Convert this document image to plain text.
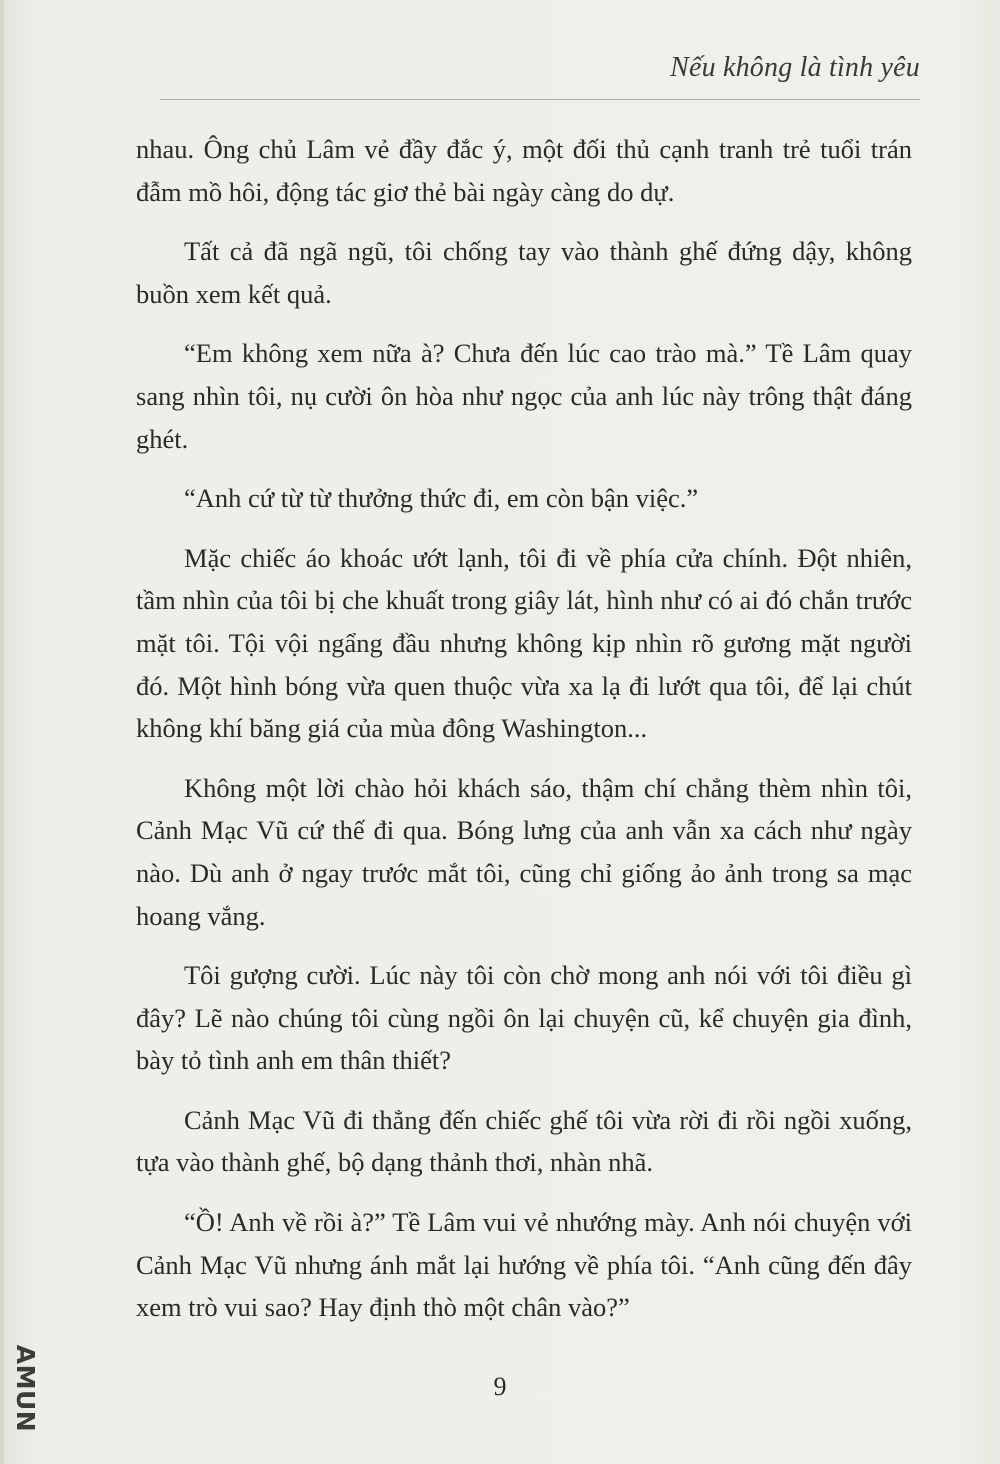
Nếu không là tình yêu

nhau. Ông chủ Lâm vẻ đầy đắc ý, một đối thủ cạnh tranh trẻ tuổi trán đẫm mồ hôi, động tác giơ thẻ bài ngày càng do dự.

Tất cả đã ngã ngũ, tôi chống tay vào thành ghế đứng dậy, không buồn xem kết quả.

“Em không xem nữa à? Chưa đến lúc cao trào mà.” Tề Lâm quay sang nhìn tôi, nụ cười ôn hòa như ngọc của anh lúc này trông thật đáng ghét.

“Anh cứ từ từ thưởng thức đi, em còn bận việc.”

Mặc chiếc áo khoác ướt lạnh, tôi đi về phía cửa chính. Đột nhiên, tầm nhìn của tôi bị che khuất trong giây lát, hình như có ai đó chắn trước mặt tôi. Tội vội ngẩng đầu nhưng không kịp nhìn rõ gương mặt người đó. Một hình bóng vừa quen thuộc vừa xa lạ đi lướt qua tôi, để lại chút không khí băng giá của mùa đông Washington...

Không một lời chào hỏi khách sáo, thậm chí chẳng thèm nhìn tôi, Cảnh Mạc Vũ cứ thế đi qua. Bóng lưng của anh vẫn xa cách như ngày nào. Dù anh ở ngay trước mắt tôi, cũng chỉ giống ảo ảnh trong sa mạc hoang vắng.

Tôi gượng cười. Lúc này tôi còn chờ mong anh nói với tôi điều gì đây? Lẽ nào chúng tôi cùng ngồi ôn lại chuyện cũ, kể chuyện gia đình, bày tỏ tình anh em thân thiết?

Cảnh Mạc Vũ đi thẳng đến chiếc ghế tôi vừa rời đi rồi ngồi xuống, tựa vào thành ghế, bộ dạng thảnh thơi, nhàn nhã.

“Ồ! Anh về rồi à?” Tề Lâm vui vẻ nhướng mày. Anh nói chuyện với Cảnh Mạc Vũ nhưng ánh mắt lại hướng về phía tôi. “Anh cũng đến đây xem trò vui sao? Hay định thò một chân vào?”

9
AMUN
